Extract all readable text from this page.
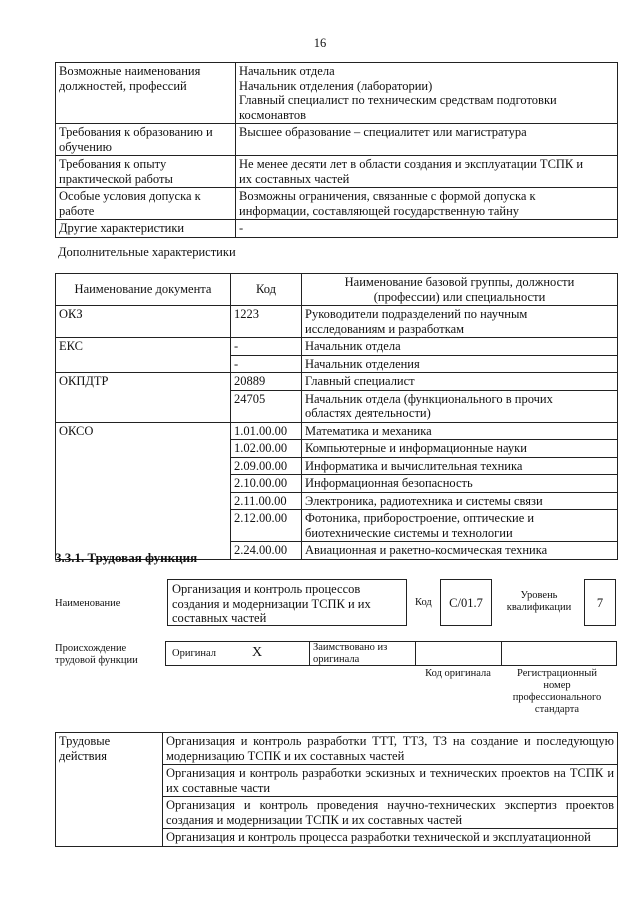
16
Возможные наименования
должностей, профессий	Начальник отдела
Начальник отделения (лаборатории)
Главный специалист по техническим средствам подготовки
космонавтов

Требования к образованию и
обучению	Высшее образование – специалитет или магистратура

Требования к опыту
практической работы	Не менее десяти лет в области создания и эксплуатации ТСПК и
их составных частей

Особые условия допуска к
работе	Возможны ограничения, связанные с формой допуска к
информации, составляющей государственную тайну

Другие характеристики	-
Дополнительные характеристики
Наименование документа	Код	Наименование базовой группы, должности
(профессии) или специальности

ОКЗ	1223	Руководители подразделений по научным
исследованиям и разработкам

ЕКС	-	Начальник отдела

	-	Начальник отделения

ОКПДТР	20889	Главный специалист

	24705	Начальник отдела (функционального в прочих
областях деятельности)

ОКСО	1.01.00.00	Математика и механика

	1.02.00.00	Компьютерные и информационные науки

	2.09.00.00	Информатика и вычислительная техника

	2.10.00.00	Информационная безопасность

	2.11.00.00	Электроника, радиотехника и системы связи

	2.12.00.00	Фотоника, приборостроение, оптические и
биотехнические системы и технологии

	2.24.00.00	Авиационная и ракетно-космическая техника
3.3.1. Трудовая функция
Наименование
Организация и контроль процессов
создания и модернизации ТСПК и их
составных частей
Код	C/01.7
Уровень
квалификации	7
Происхождение
трудовой функции
Оригинал	X	Заимствовано из
оригинала
Код оригинала	Регистрационный
номер
профессионального
стандарта
Трудовые
действия
	Организация и контроль разработки ТТТ, ТТЗ, ТЗ на создание и последующую модернизацию ТСПК и их составных частей
Организация и контроль разработки эскизных и технических проектов на ТСПК и их составные части
Организация и контроль проведения научно-технических экспертиз проектов создания и модернизации ТСПК и их составных частей
Организация и контроль процесса разработки технической и эксплуатационной
